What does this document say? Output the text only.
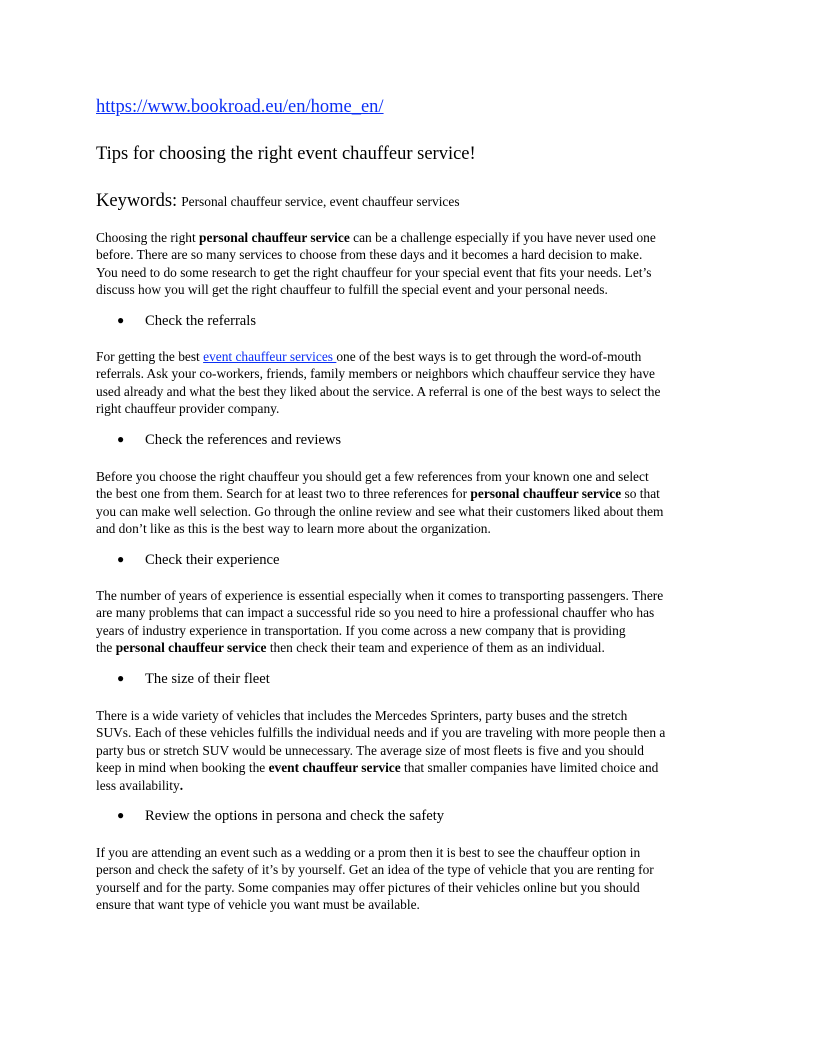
https://www.bookroad.eu/en/home_en/
Tips for choosing the right event chauffeur service!
Keywords: Personal chauffeur service, event chauffeur services
Choosing the right personal chauffeur service can be a challenge especially if you have never used one
before. There are so many services to choose from these days and it becomes a hard decision to make.
You need to do some research to get the right chauffeur for your special event that fits your needs. Let’s
discuss how you will get the right chauffeur to fulfill the special event and your personal needs.
● Check the referrals
For getting the best event chauffeur services one of the best ways is to get through the word-of-mouth
referrals. Ask your co-workers, friends, family members or neighbors which chauffeur service they have
used already and what the best they liked about the service. A referral is one of the best ways to select the
right chauffeur provider company.
● Check the references and reviews
Before you choose the right chauffeur you should get a few references from your known one and select
the best one from them. Search for at least two to three references for personal chauffeur service so that
you can make well selection. Go through the online review and see what their customers liked about them
and don’t like as this is the best way to learn more about the organization.
● Check their experience
The number of years of experience is essential especially when it comes to transporting passengers. There
are many problems that can impact a successful ride so you need to hire a professional chauffer who has
years of industry experience in transportation. If you come across a new company that is providing
the personal chauffeur service then check their team and experience of them as an individual.
● The size of their fleet
There is a wide variety of vehicles that includes the Mercedes Sprinters, party buses and the stretch
SUVs. Each of these vehicles fulfills the individual needs and if you are traveling with more people then a
party bus or stretch SUV would be unnecessary. The average size of most fleets is five and you should
keep in mind when booking the event chauffeur service that smaller companies have limited choice and
less availability.
● Review the options in persona and check the safety
If you are attending an event such as a wedding or a prom then it is best to see the chauffeur option in
person and check the safety of it’s by yourself. Get an idea of the type of vehicle that you are renting for
yourself and for the party. Some companies may offer pictures of their vehicles online but you should
ensure that want type of vehicle you want must be available.
